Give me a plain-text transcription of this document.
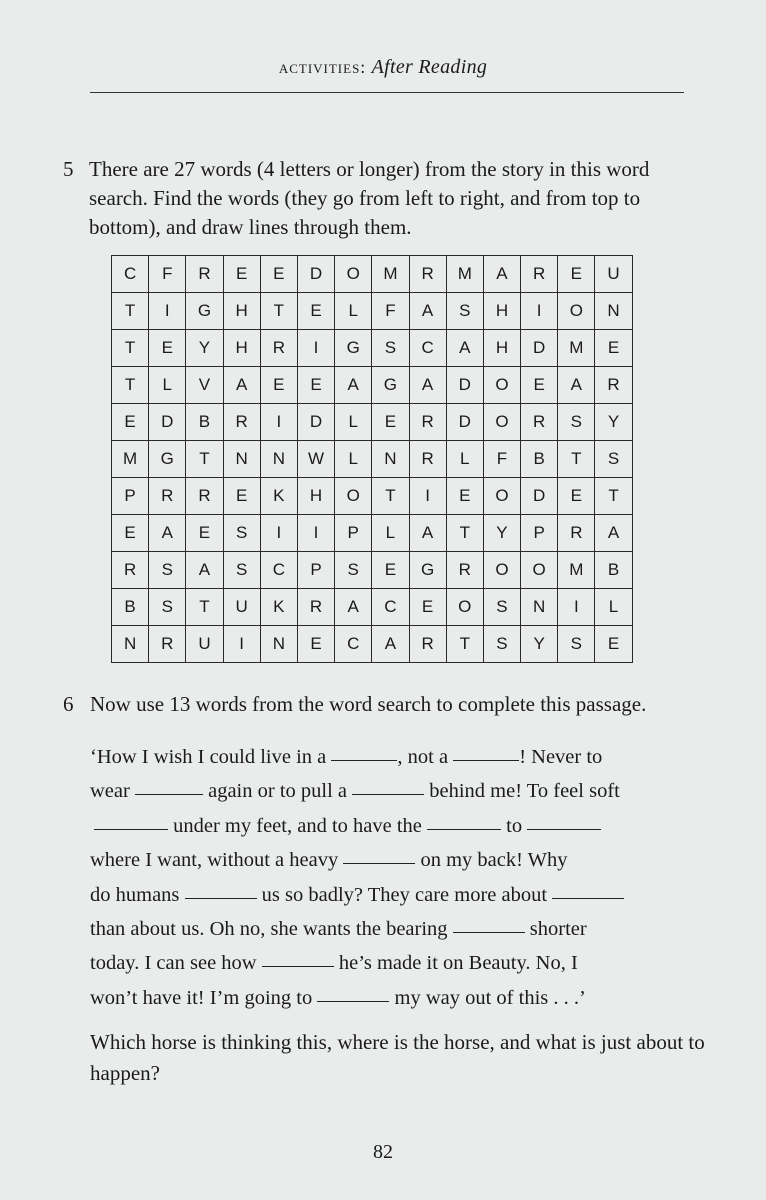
activities: After Reading
5 There are 27 words (4 letters or longer) from the story in this word search. Find the words (they go from left to right, and from top to bottom), and draw lines through them.
C	F	R	E	E	D	O	M	R	M	A	R	E	U
T	I	G	H	T	E	L	F	A	S	H	I	O	N
T	E	Y	H	R	I	G	S	C	A	H	D	M	E
T	L	V	A	E	E	A	G	A	D	O	E	A	R
E	D	B	R	I	D	L	E	R	D	O	R	S	Y
M	G	T	N	N	W	L	N	R	L	F	B	T	S
P	R	R	E	K	H	O	T	I	E	O	D	E	T
E	A	E	S	I	I	P	L	A	T	Y	P	R	A
R	S	A	S	C	P	S	E	G	R	O	O	M	B
B	S	T	U	K	R	A	C	E	O	S	N	I	L
N	R	U	I	N	E	C	A	R	T	S	Y	S	E
6 Now use 13 words from the word search to complete this passage.
‘How I wish I could live in a	, not a	! Never to
wear	again or to pull a	behind me! To feel soft
under my feet, and to have the	to
where I want, without a heavy	on my back! Why
do humans	us so badly? They care more about
than about us. Oh no, she wants the bearing	shorter
today. I can see how	he’s made it on Beauty. No, I
won’t have it! I’m going to	my way out of this . . .’
Which horse is thinking this, where is the horse, and what is just about to happen?
82
